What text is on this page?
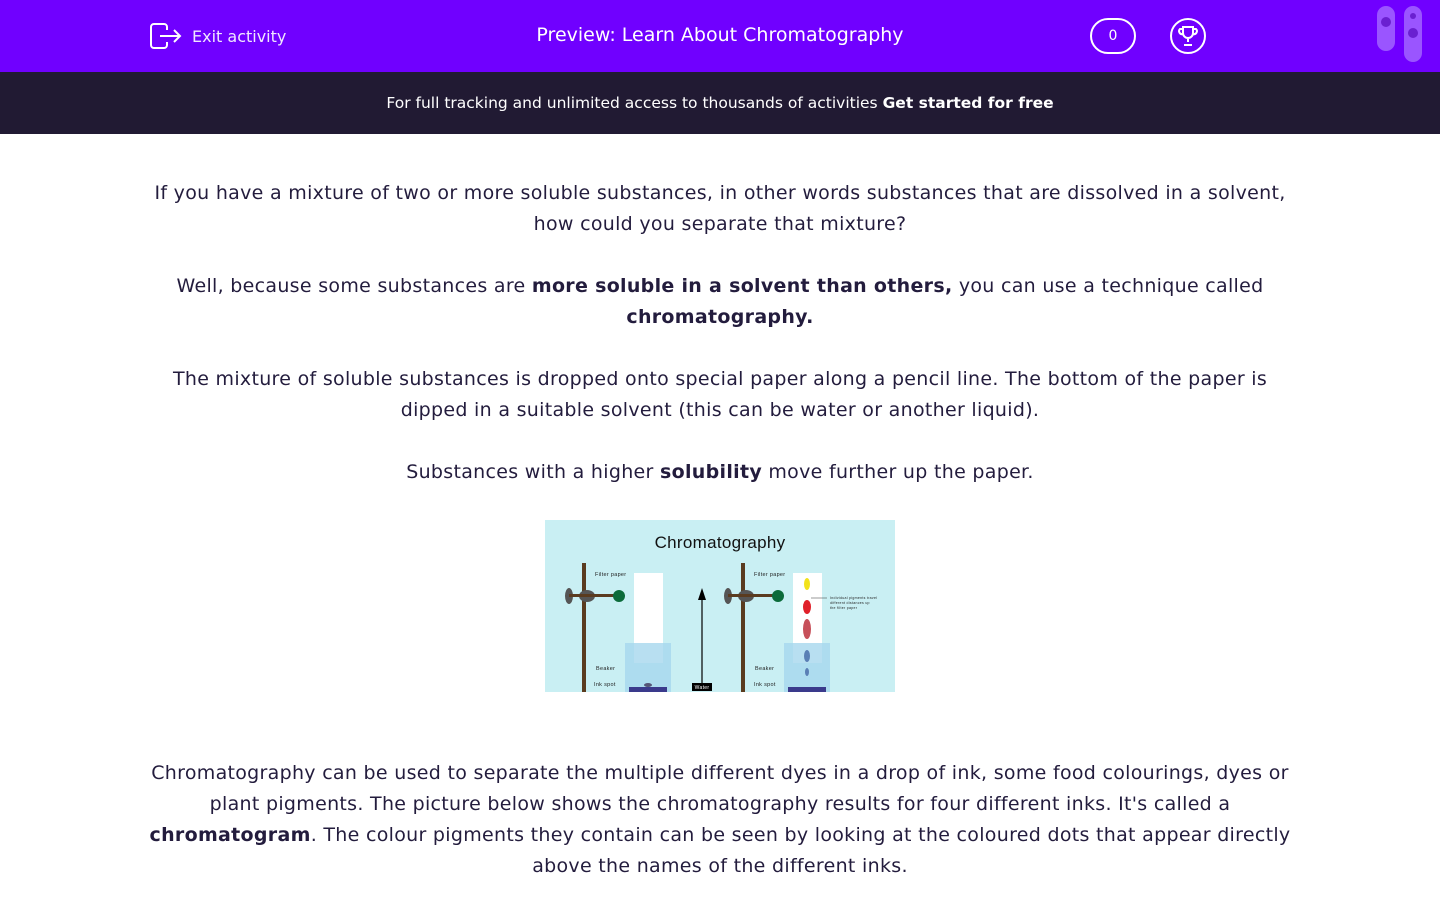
Exit activity	Preview: Learn About Chromatography	0
For full tracking and unlimited access to thousands of activities Get started for free

If you have a mixture of two or more soluble substances, in other words substances that are dissolved in a solvent, how could you separate that mixture?

Well, because some substances are more soluble in a solvent than others, you can use a technique called chromatography.

The mixture of soluble substances is dropped onto special paper along a pencil line. The bottom of the paper is dipped in a suitable solvent (this can be water or another liquid).

Substances with a higher solubility move further up the paper.

Chromatography
Filter paper
Beaker
Ink spot	Water
Filter paper
Beaker
Ink spot
Individual pigments travel
different distances up
the filter paper

Chromatography can be used to separate the multiple different dyes in a drop of ink, some food colourings, dyes or plant pigments. The picture below shows the chromatography results for four different inks. It's called a chromatogram. The colour pigments they contain can be seen by looking at the coloured dots that appear directly above the names of the different inks.
